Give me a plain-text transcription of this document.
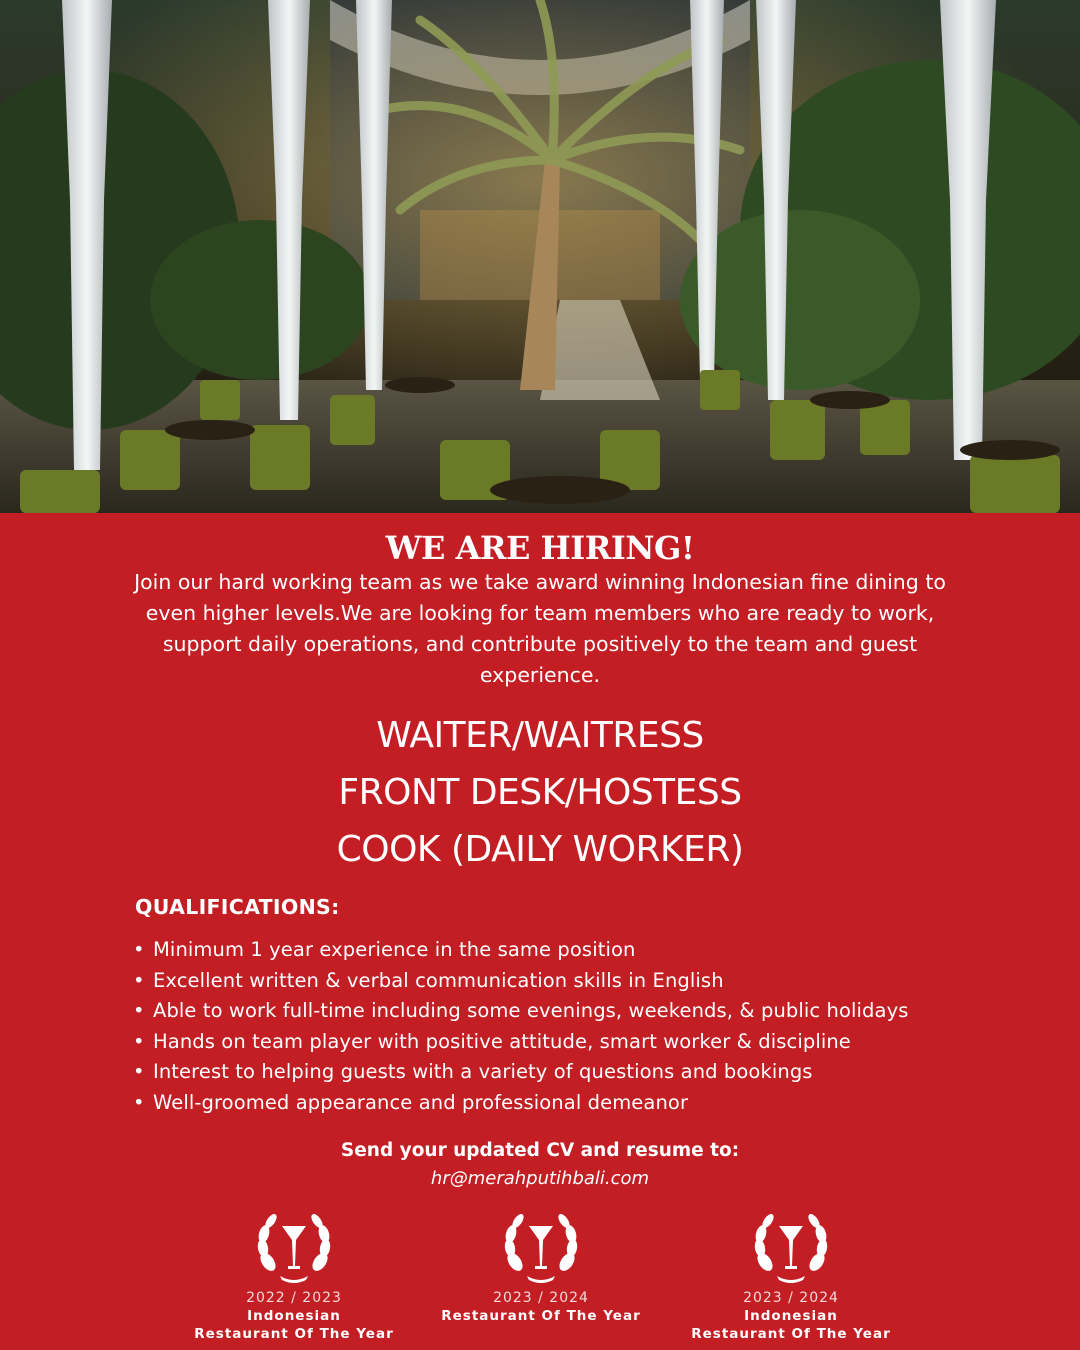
WE ARE HIRING!

Join our hard working team as we take award winning Indonesian fine dining to even higher levels.We are looking for team members who are ready to work, support daily operations, and contribute positively to the team and guest experience.

WAITER/WAITRESS
FRONT DESK/HOSTESS
COOK (DAILY WORKER)
QUALIFICATIONS:
• Minimum 1 year experience in the same position
• Excellent written & verbal communication skills in English
• Able to work full-time including some evenings, weekends, & public holidays
• Hands on team player with positive attitude, smart worker & discipline
• Interest to helping guests with a variety of questions and bookings
• Well-groomed appearance and professional demeanor
Send your updated CV and resume to:
hr@merahputihbali.com
2022 / 2023
Indonesian
Restaurant Of The Year
2023 / 2024
Restaurant Of The Year
2023 / 2024
Indonesian
Restaurant Of The Year
